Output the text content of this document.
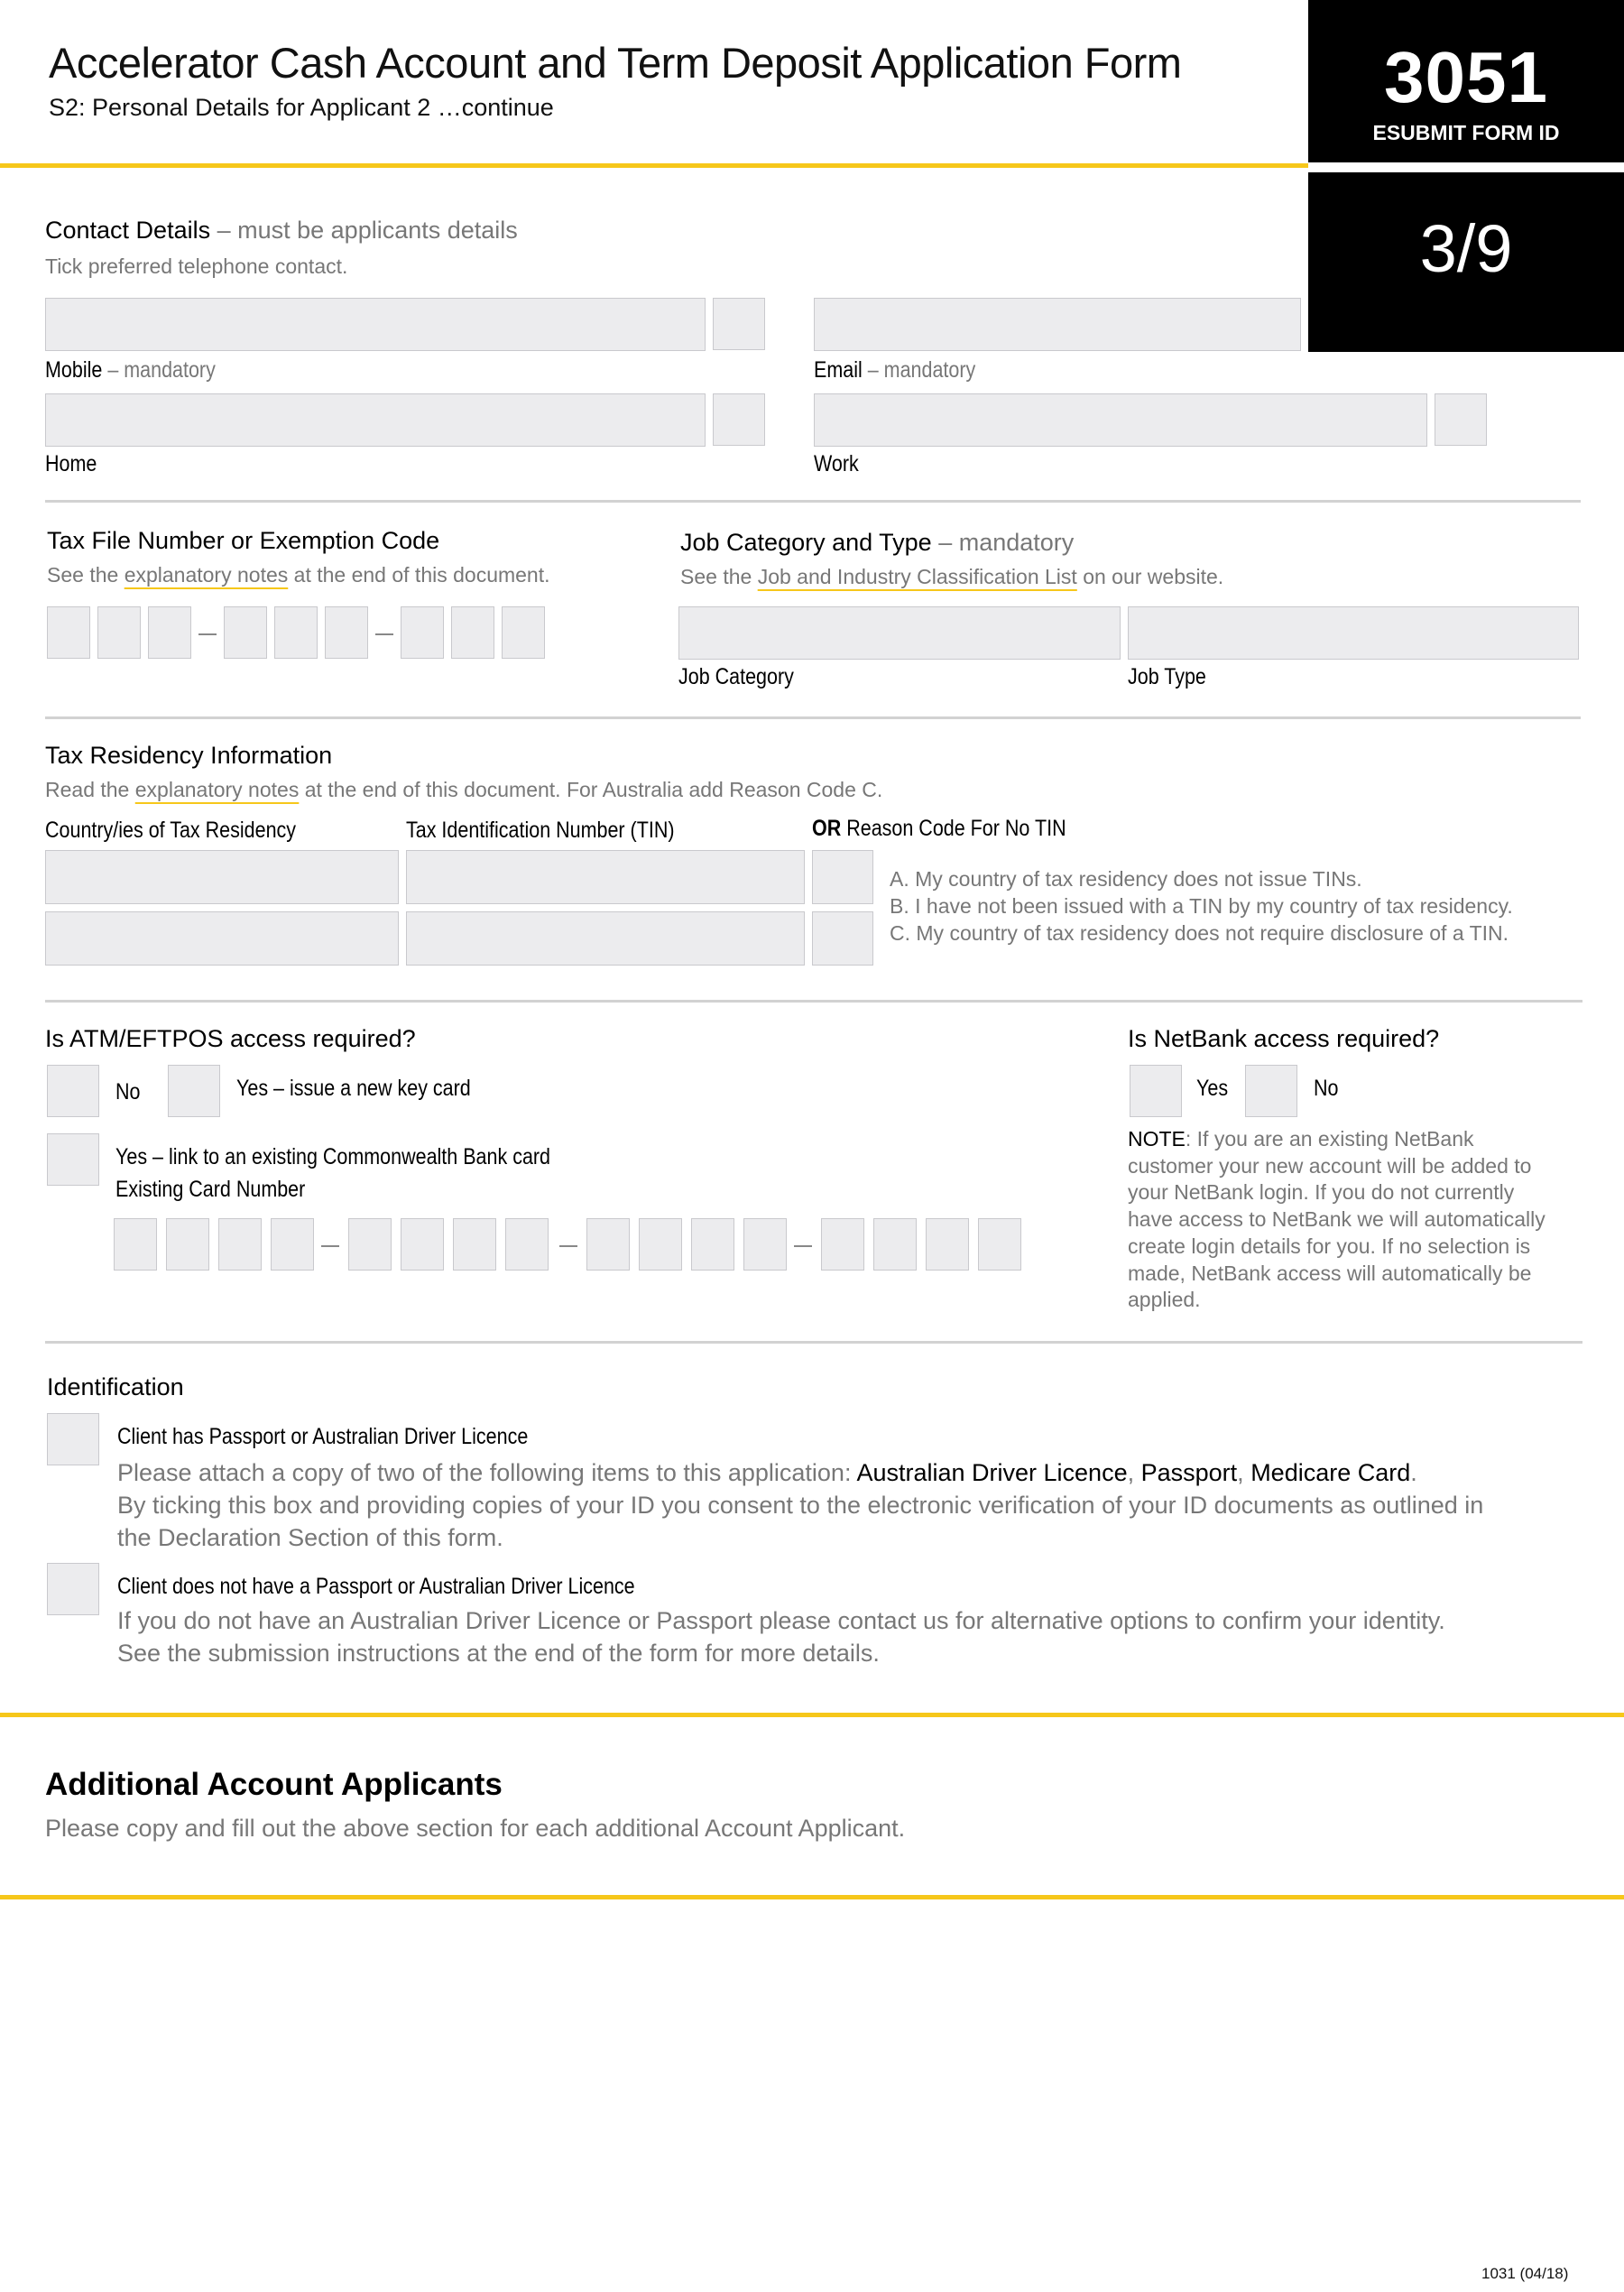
Accelerator Cash Account and Term Deposit Application Form
S2: Personal Details for Applicant 2 …continue	3051
ESUBMIT FORM ID
3/9
Contact Details – must be applicants details
Tick preferred telephone contact.
Mobile – mandatory	Email – mandatory
Home	Work
Tax File Number or Exemption Code
See the explanatory notes at the end of this document.
Job Category and Type – mandatory
See the Job and Industry Classification List on our website.
Job Category	Job Type
Tax Residency Information
Read the explanatory notes at the end of this document. For Australia add Reason Code C.
Country/ies of Tax Residency	Tax Identification Number (TIN)	OR Reason Code For No TIN
A. My country of tax residency does not issue TINs.
B. I have not been issued with a TIN by my country of tax residency.
C. My country of tax residency does not require disclosure of a TIN.
Is ATM/EFTPOS access required?
No	Yes – issue a new key card
Yes – link to an existing Commonwealth Bank card
Existing Card Number
Is NetBank access required?
Yes	No
NOTE: If you are an existing NetBank
customer your new account will be added to
your NetBank login. If you do not currently
have access to NetBank we will automatically
create login details for you. If no selection is
made, NetBank access will automatically be
applied.
Identification
Client has Passport or Australian Driver Licence
Please attach a copy of two of the following items to this application: Australian Driver Licence, Passport, Medicare Card.
By ticking this box and providing copies of your ID you consent to the electronic verification of your ID documents as outlined in
the Declaration Section of this form.
Client does not have a Passport or Australian Driver Licence
If you do not have an Australian Driver Licence or Passport please contact us for alternative options to confirm your identity.
See the submission instructions at the end of the form for more details.
Additional Account Applicants
Please copy and fill out the above section for each additional Account Applicant.
1031 (04/18)
